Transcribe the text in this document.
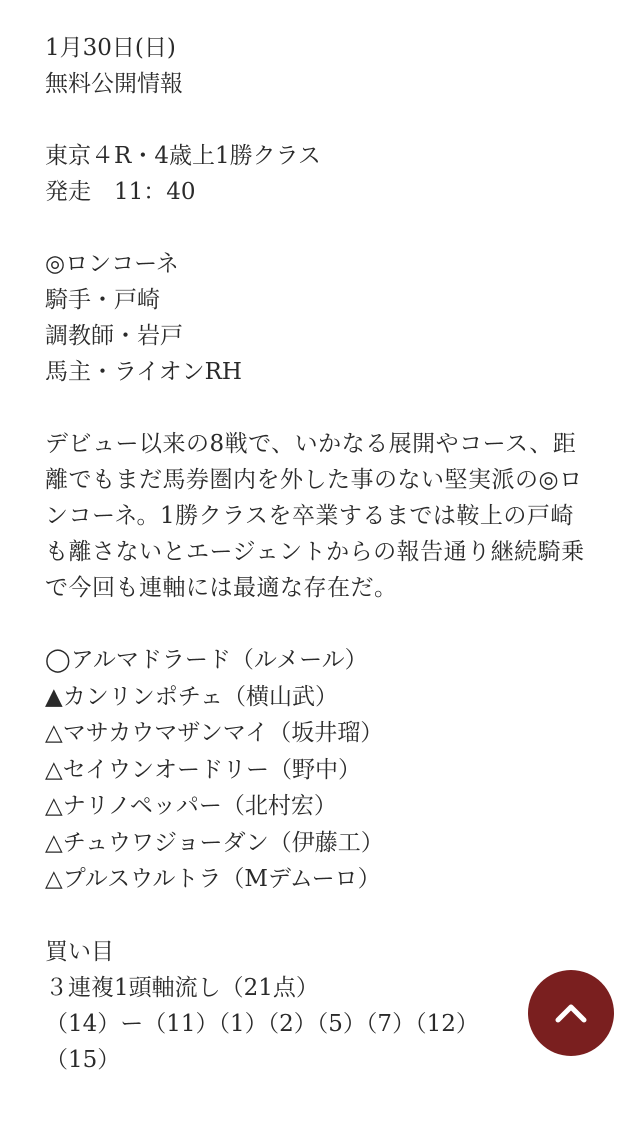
1月30日(日)
無料公開情報
東京４R・4歳上1勝クラス
発走　11：40
◎ロンコーネ
騎手・戸崎
調教師・岩戸
馬主・ライオンRH
デビュー以来の8戦で、いかなる展開やコース、距
離でもまだ馬券圏内を外した事のない堅実派の◎ロ
ンコーネ。1勝クラスを卒業するまでは鞍上の戸崎
も離さないとエージェントからの報告通り継続騎乗
で今回も連軸には最適な存在だ。
◯アルマドラード（ルメール）
▲カンリンポチェ（横山武）
△マサカウマザンマイ（坂井瑠）
△セイウンオードリー（野中）
△ナリノペッパー（北村宏）
△チュウワジョーダン（伊藤工）
△プルスウルトラ（Mデムーロ）
買い目
３連複1頭軸流し（21点）
（14）ー（11）（1）（2）（5）（7）（12）
（15）
